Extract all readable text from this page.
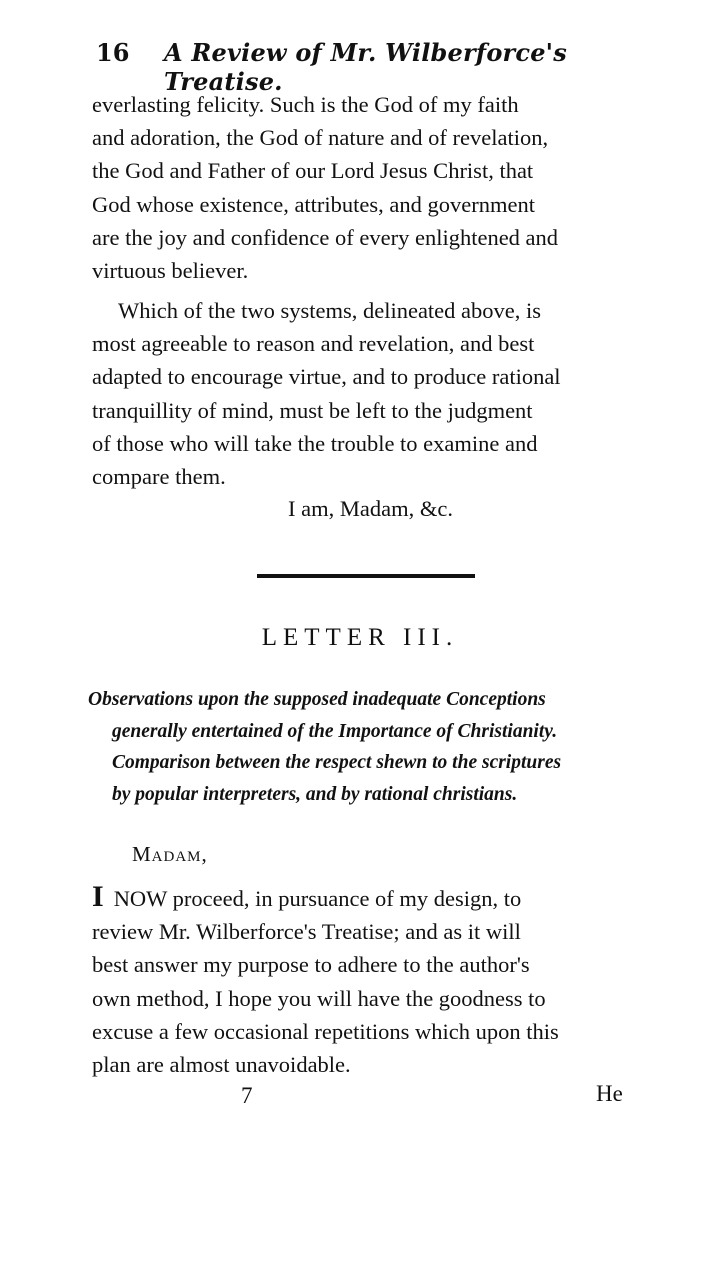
16 A Review of Mr. Wilberforce's Treatise.
everlasting felicity. Such is the God of my faith
and adoration, the God of nature and of revelation,
the God and Father of our Lord Jesus Christ, that
God whose existence, attributes, and government
are the joy and confidence of every enlightened and
virtuous believer.
Which of the two systems, delineated above, is
most agreeable to reason and revelation, and best
adapted to encourage virtue, and to produce rational
tranquillity of mind, must be left to the judgment
of those who will take the trouble to examine and
compare them.
I am, Madam, &c.
LETTER III.
Observations upon the supposed inadequate Conceptions
generally entertained of the Importance of Christianity.
Comparison between the respect shewn to the scriptures
by popular interpreters, and by rational christians.
Madam,
I NOW proceed, in pursuance of my design, to
review Mr. Wilberforce's Treatise; and as it will
best answer my purpose to adhere to the author's
own method, I hope you will have the goodness to
excuse a few occasional repetitions which upon this
plan are almost unavoidable.
7	He
